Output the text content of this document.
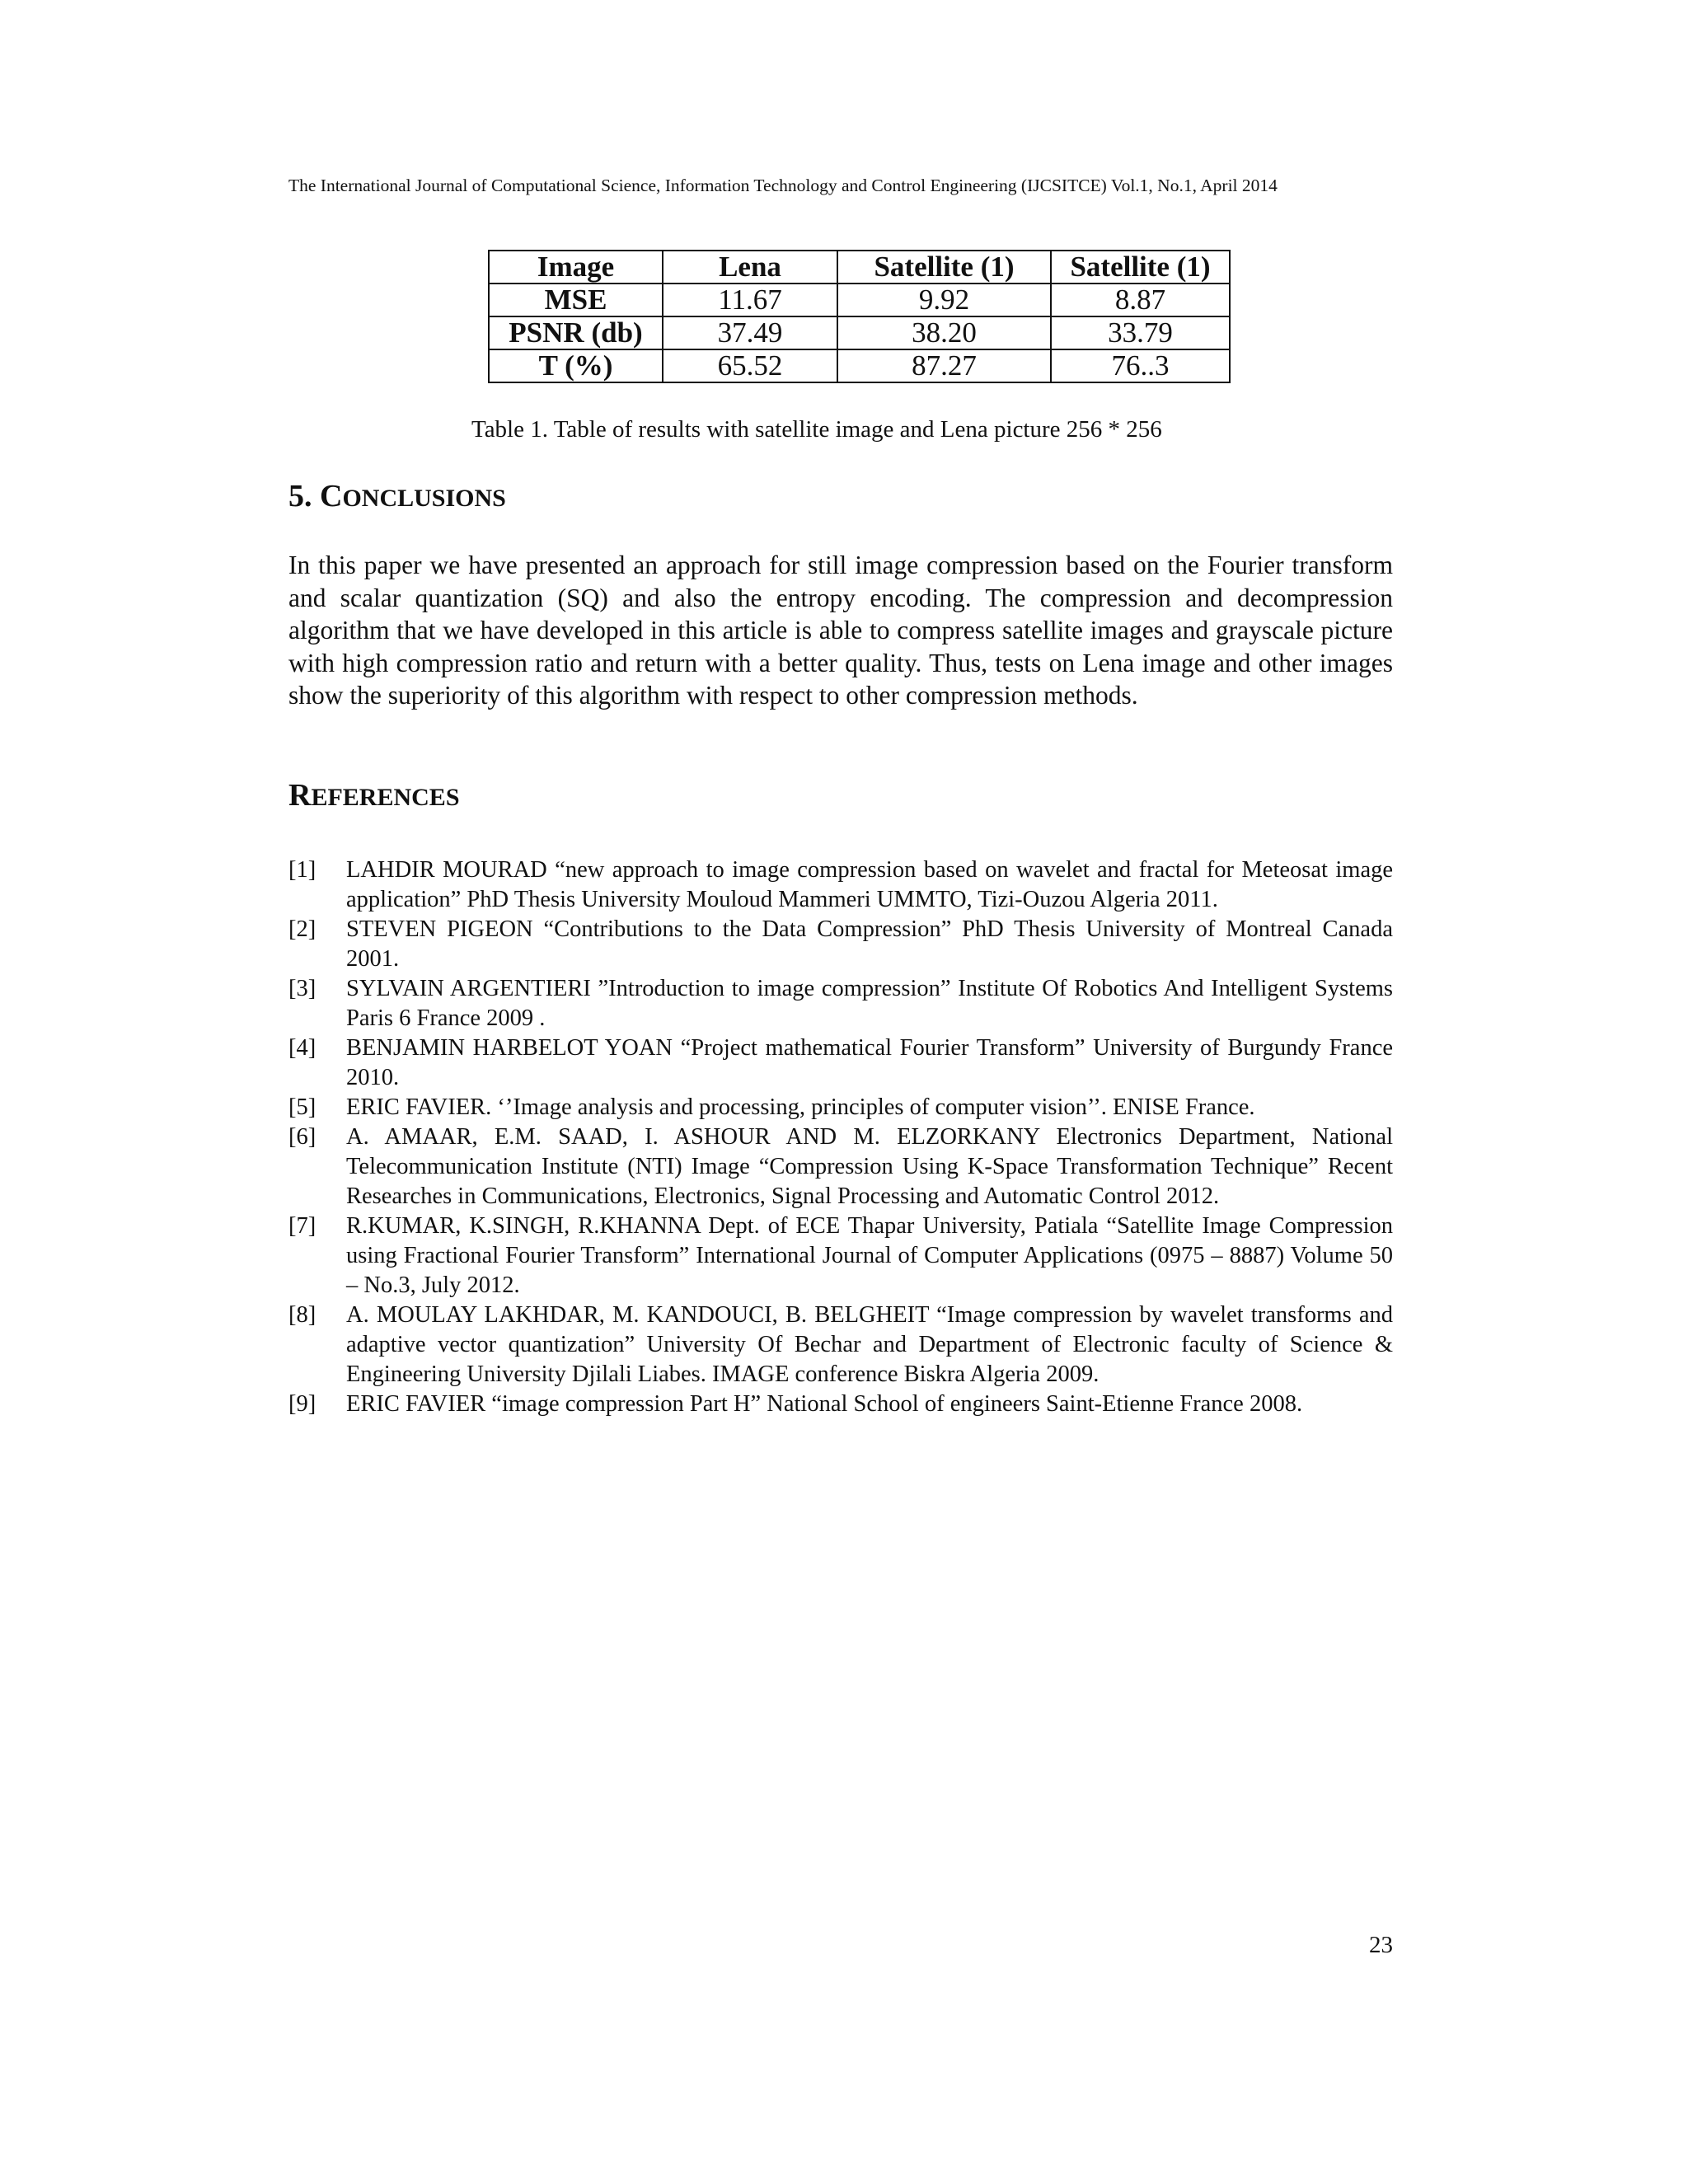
The International Journal of Computational Science, Information Technology and Control Engineering (IJCSITCE) Vol.1, No.1, April 2014
Image	Lena	Satellite (1)	Satellite (1)
MSE	11.67	9.92	8.87
PSNR (db)	37.49	38.20	33.79
T (%)	65.52	87.27	76..3
Table 1. Table of results with satellite image and Lena picture 256 * 256
5. CONCLUSIONS

In this paper we have presented an approach for still image compression based on the Fourier transform and scalar quantization (SQ) and also the entropy encoding. The compression and decompression algorithm that we have developed in this article is able to compress satellite images and grayscale picture with high compression ratio and return with a better quality. Thus, tests on Lena image and other images show the superiority of this algorithm with respect to other compression methods.

REFERENCES
[1] LAHDIR MOURAD “new approach to image compression based on wavelet and fractal for Meteosat image application” PhD Thesis University Mouloud Mammeri UMMTO, Tizi-Ouzou Algeria 2011.
[2] STEVEN PIGEON “Contributions to the Data Compression” PhD Thesis University of Montreal Canada 2001.
[3] SYLVAIN ARGENTIERI ”Introduction to image compression” Institute Of Robotics And Intelligent Systems Paris 6 France 2009 .
[4] BENJAMIN HARBELOT YOAN “Project mathematical Fourier Transform” University of Burgundy France 2010.
[5] ERIC FAVIER. ‘’Image analysis and processing, principles of computer vision’’. ENISE France.
[6] A. AMAAR, E.M. SAAD, I. ASHOUR AND M. ELZORKANY Electronics Department, National Telecommunication Institute (NTI) Image “Compression Using K-Space Transformation Technique” Recent Researches in Communications, Electronics, Signal Processing and Automatic Control 2012.
[7] R.KUMAR, K.SINGH, R.KHANNA Dept. of ECE Thapar University, Patiala “Satellite Image Compression using Fractional Fourier Transform” International Journal of Computer Applications (0975 – 8887) Volume 50 – No.3, July 2012.
[8] A. MOULAY LAKHDAR, M. KANDOUCI, B. BELGHEIT “Image compression by wavelet transforms and adaptive vector quantization” University Of Bechar and Department of Electronic faculty of Science & Engineering University Djilali Liabes. IMAGE conference Biskra Algeria 2009.
[9] ERIC FAVIER “image compression Part H” National School of engineers Saint-Etienne France 2008.
23
